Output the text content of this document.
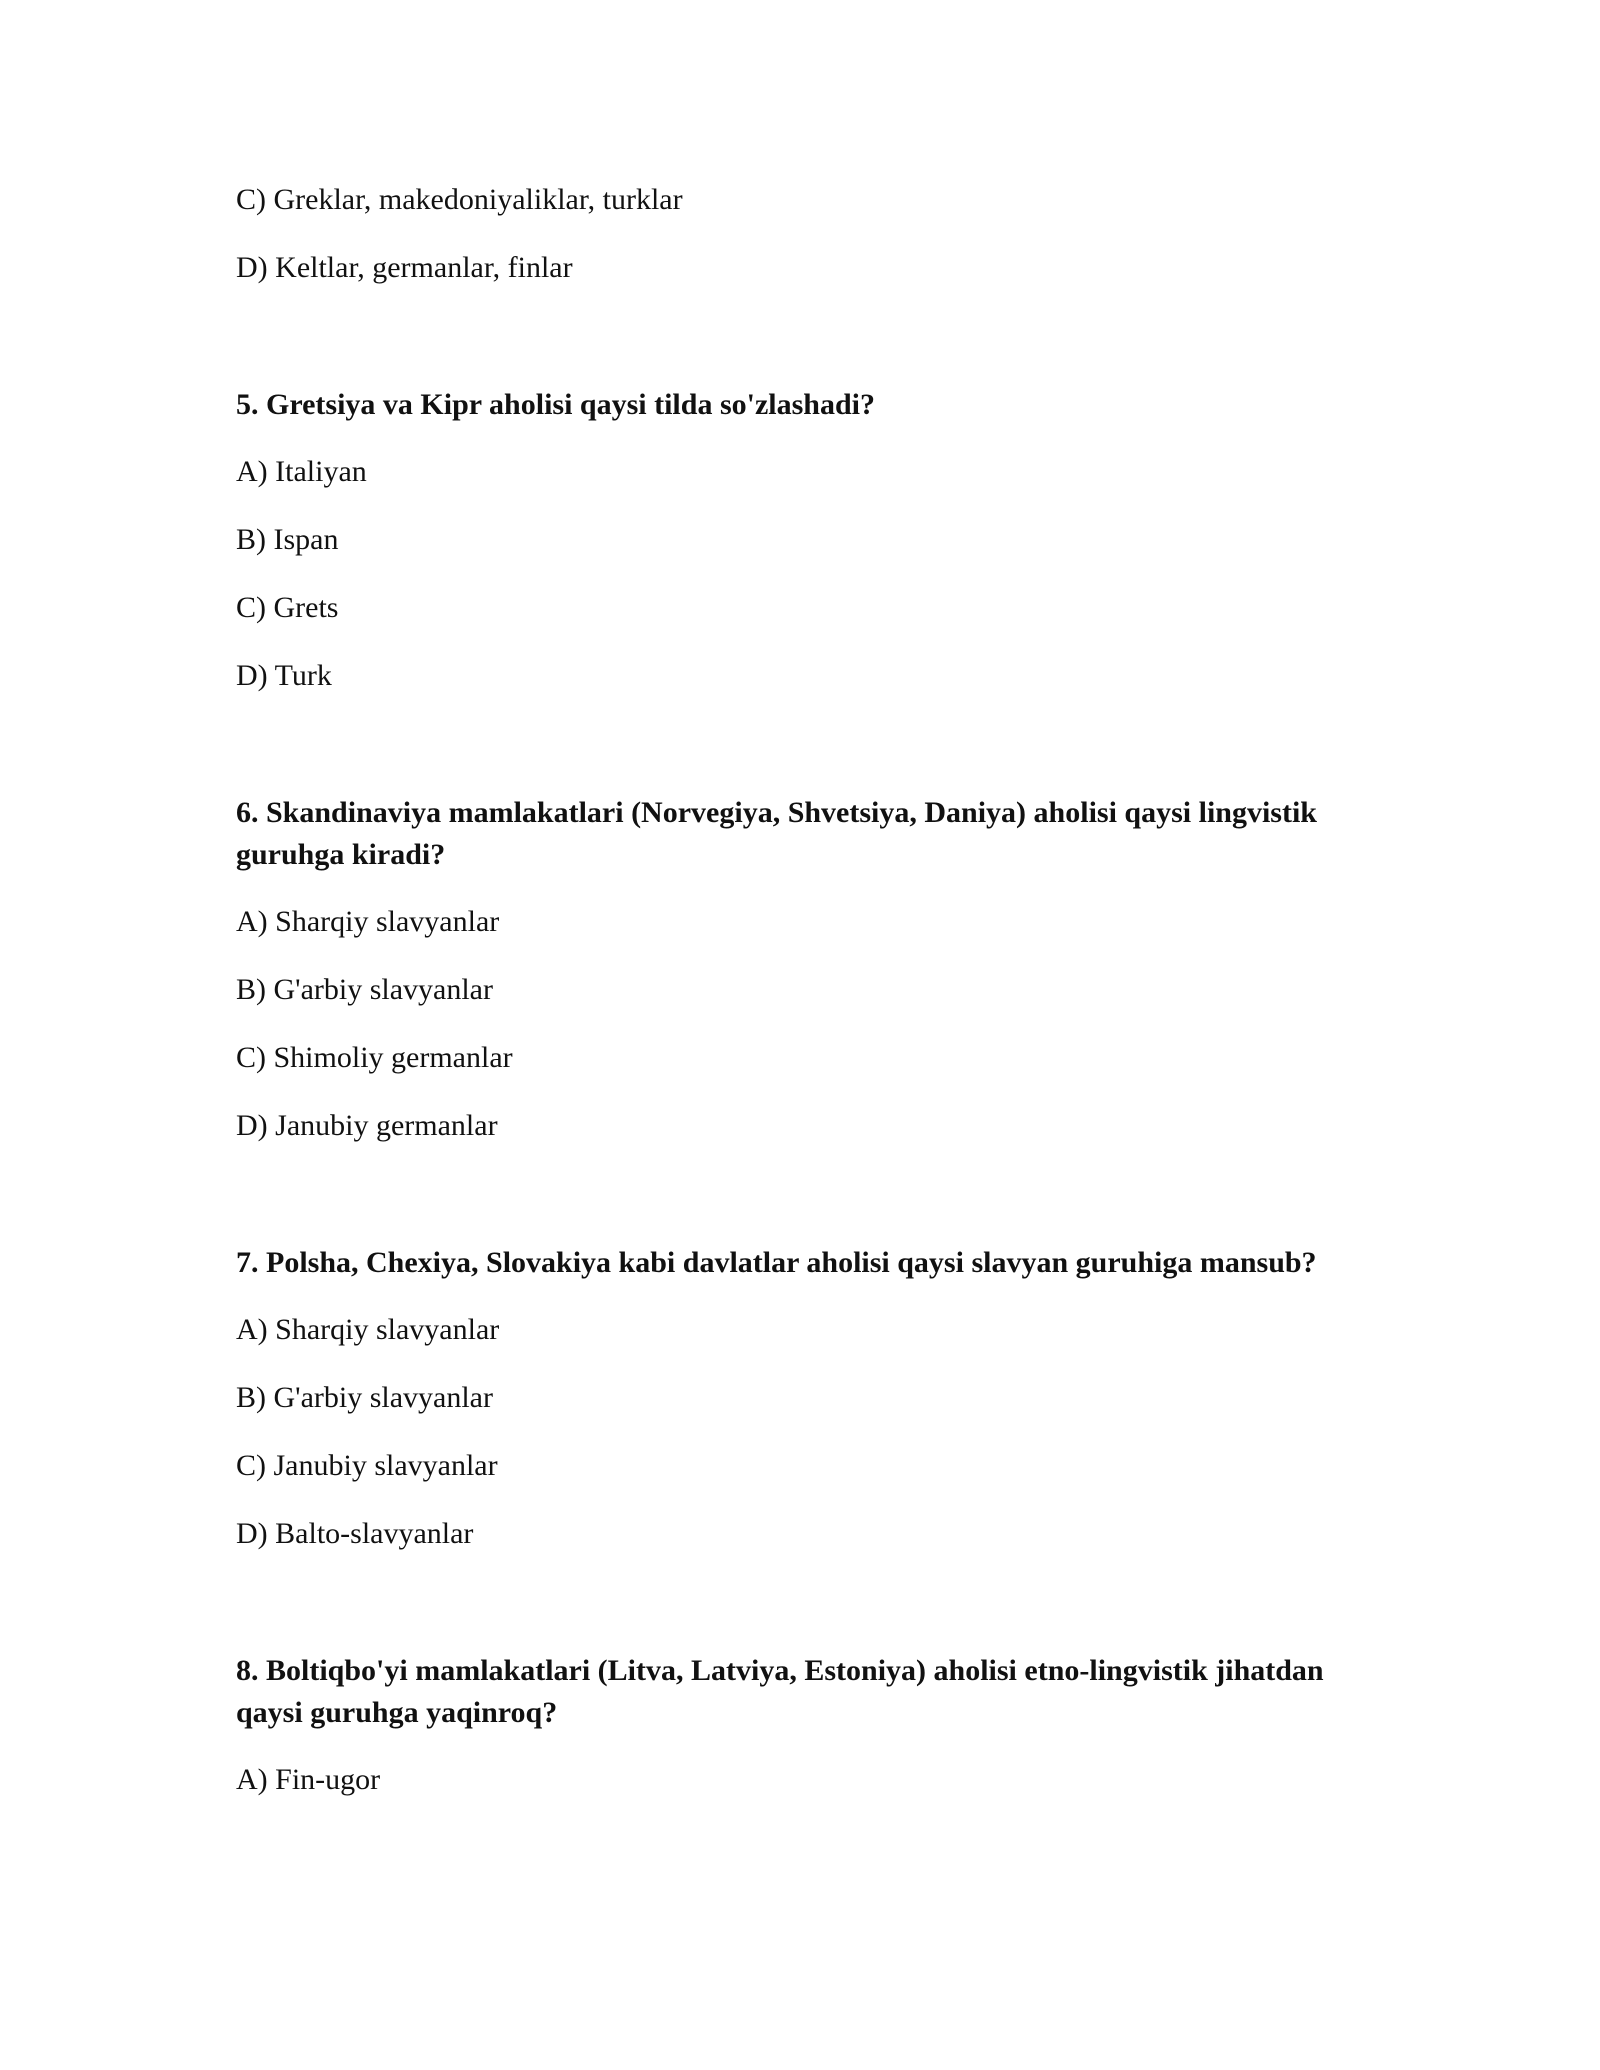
C) Greklar, makedoniyaliklar, turklar

D) Keltlar, germanlar, finlar

5. Gretsiya va Kipr aholisi qaysi tilda so'zlashadi?

A) Italiyan

B) Ispan

C) Grets

D) Turk

6. Skandinaviya mamlakatlari (Norvegiya, Shvetsiya, Daniya) aholisi qaysi lingvistik guruhga kiradi?

A) Sharqiy slavyanlar

B) G'arbiy slavyanlar

C) Shimoliy germanlar

D) Janubiy germanlar

7. Polsha, Chexiya, Slovakiya kabi davlatlar aholisi qaysi slavyan guruhiga mansub?

A) Sharqiy slavyanlar

B) G'arbiy slavyanlar

C) Janubiy slavyanlar

D) Balto-slavyanlar

8. Boltiqbo'yi mamlakatlari (Litva, Latviya, Estoniya) aholisi etno-lingvistik jihatdan qaysi guruhga yaqinroq?

A) Fin-ugor
